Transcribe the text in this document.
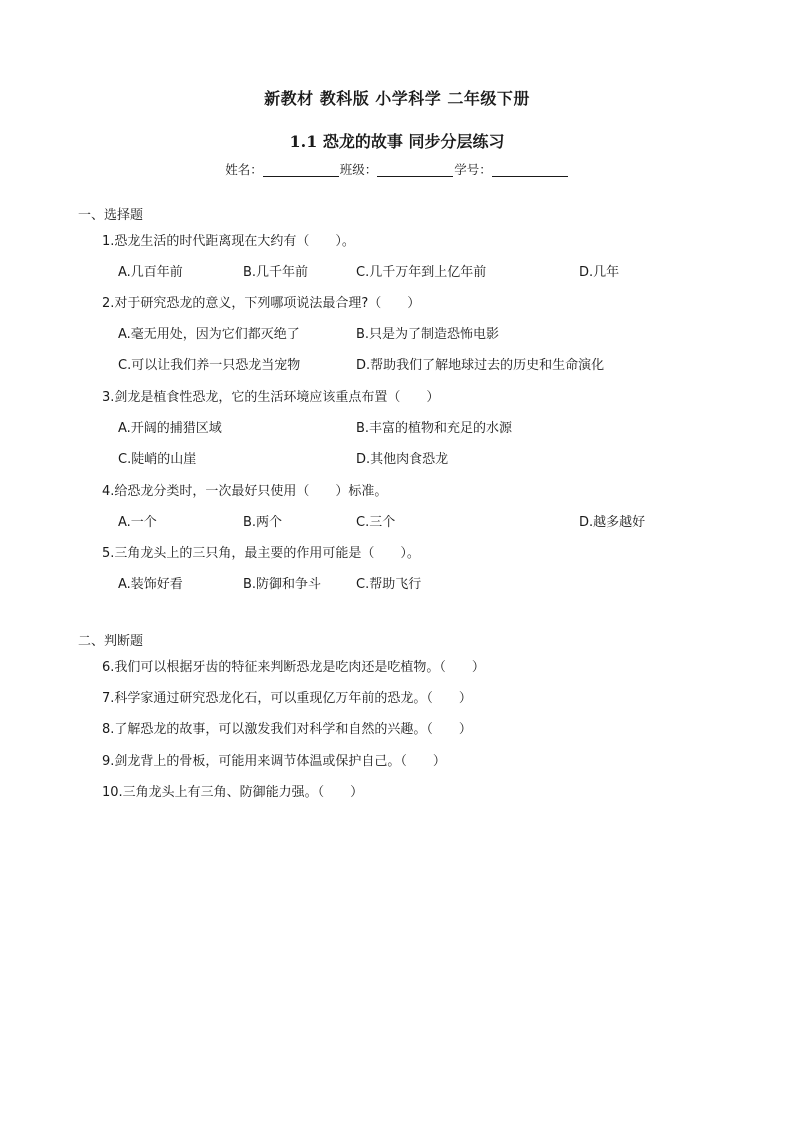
新教材 教科版 小学科学 二年级下册
1.1 恐龙的故事 同步分层练习
姓名：	班级：	学号：
一、选择题
1.恐龙生活的时代距离现在大约有（　　）。
A.几百年前	B.几千年前	C.几千万年到上亿年前	D.几年
2.对于研究恐龙的意义，下列哪项说法最合理?（　　）
A.毫无用处，因为它们都灭绝了	B.只是为了制造恐怖电影
C.可以让我们养一只恐龙当宠物	D.帮助我们了解地球过去的历史和生命演化
3.剑龙是植食性恐龙，它的生活环境应该重点布置（　　）
A.开阔的捕猎区域	B.丰富的植物和充足的水源
C.陡峭的山崖	D.其他肉食恐龙
4.给恐龙分类时，一次最好只使用（　　）标准。
A.一个	B.两个	C.三个	D.越多越好
5.三角龙头上的三只角，最主要的作用可能是（　　）。
A.装饰好看	B.防御和争斗	C.帮助飞行
二、判断题
6.我们可以根据牙齿的特征来判断恐龙是吃肉还是吃植物。（　　）
7.科学家通过研究恐龙化石，可以重现亿万年前的恐龙。（　　）
8.了解恐龙的故事，可以激发我们对科学和自然的兴趣。（　　）
9.剑龙背上的骨板，可能用来调节体温或保护自己。（　　）
10.三角龙头上有三角、防御能力强。（　　）
